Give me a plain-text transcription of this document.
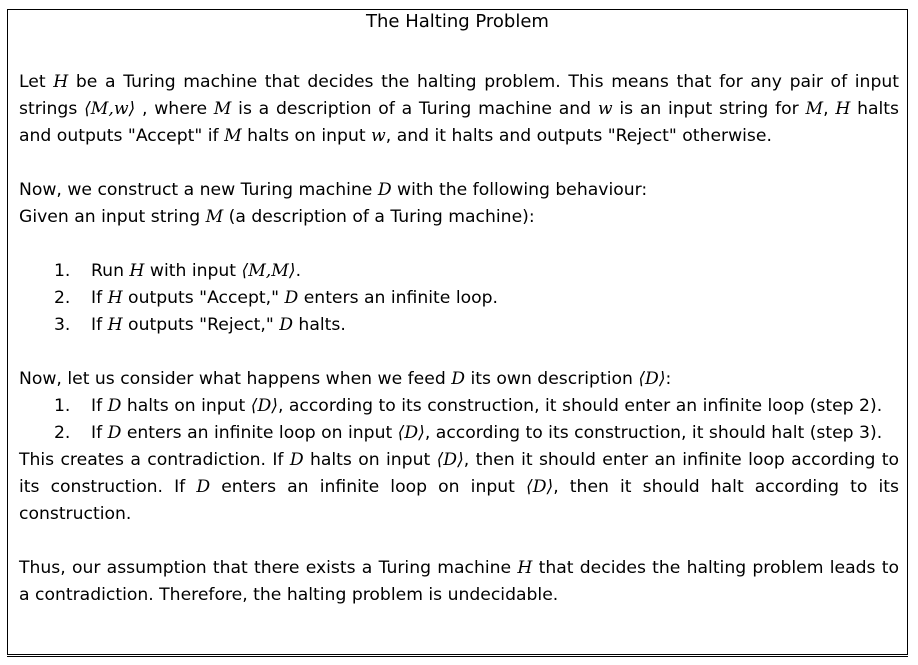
The Halting Problem

Let H be a Turing machine that decides the halting problem. This means that for any pair of input strings ⟨M,w⟩ , where M is a description of a Turing machine and w is an input string for M, H halts and outputs "Accept" if M halts on input w, and it halts and outputs "Reject" otherwise.

Now, we construct a new Turing machine D with the following behaviour:
Given an input string M (a description of a Turing machine):

1.	Run H with input ⟨M,M⟩.
2.	If H outputs "Accept," D enters an infinite loop.
3.	If H outputs "Reject," D halts.

Now, let us consider what happens when we feed D its own description ⟨D⟩:

1.	If D halts on input ⟨D⟩, according to its construction, it should enter an infinite loop (step 2).
2.	If D enters an infinite loop on input ⟨D⟩, according to its construction, it should halt (step 3).

This creates a contradiction. If D halts on input ⟨D⟩, then it should enter an infinite loop according to its construction. If D enters an infinite loop on input ⟨D⟩, then it should halt according to its construction.

Thus, our assumption that there exists a Turing machine H that decides the halting problem leads to a contradiction. Therefore, the halting problem is undecidable.
